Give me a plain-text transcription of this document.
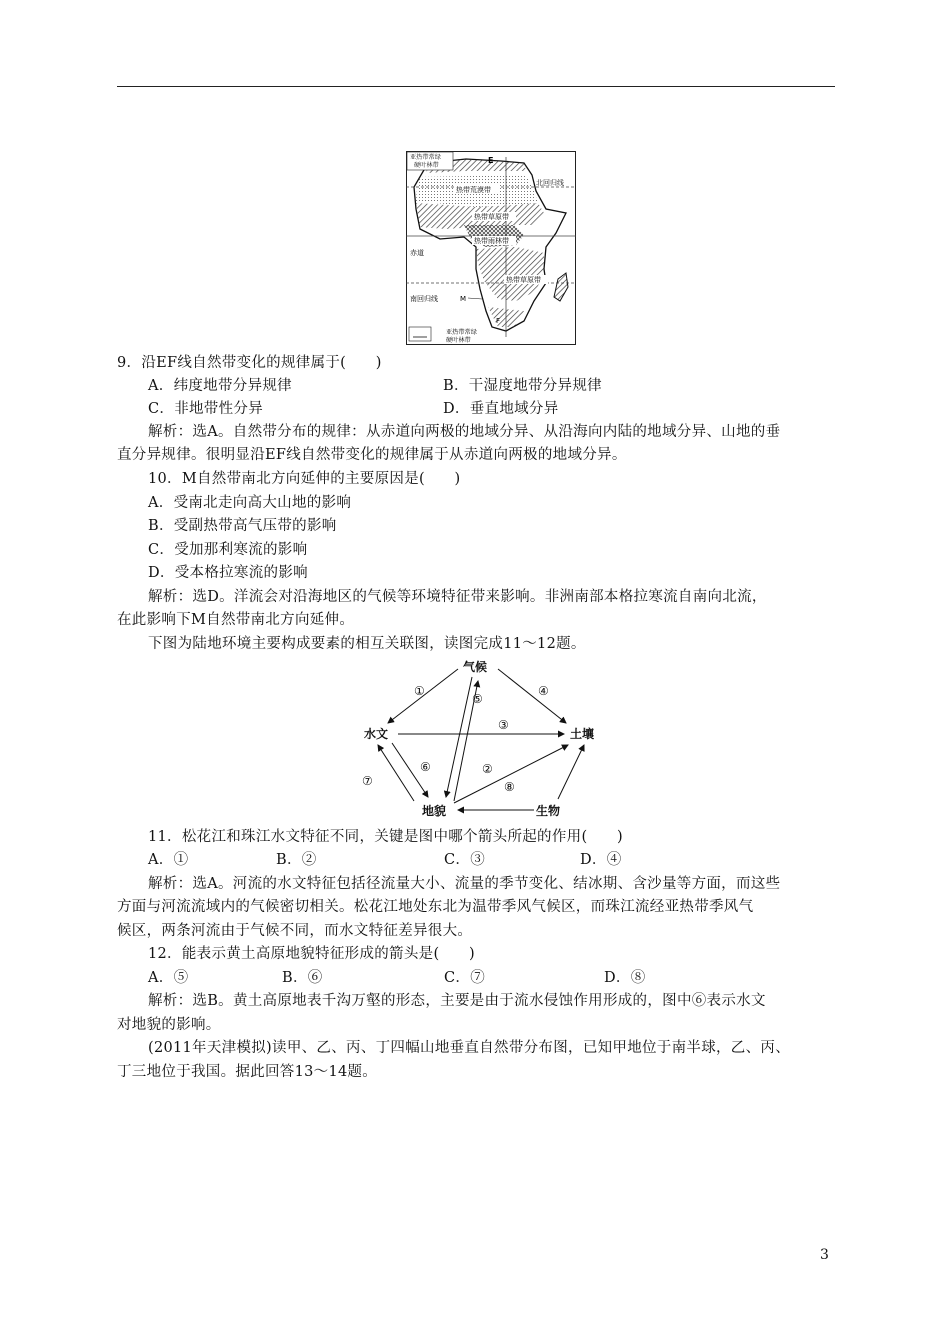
亚热带常绿
硬叶林带
E
北回归线
热带荒漠带
热带草原带
热带雨林带
赤道
热带草原带
南回归线	M
F
亚热带常绿
硬叶林带
9．沿EF线自然带变化的规律属于(　　)
A．纬度地带分异规律	B．干湿度地带分异规律
C．非地带性分异	D．垂直地域分异
解析：选A。自然带分布的规律：从赤道向两极的地域分异、从沿海向内陆的地域分异、山地的垂
直分异规律。很明显沿EF线自然带变化的规律属于从赤道向两极的地域分异。
10．M自然带南北方向延伸的主要原因是(　　)
A．受南北走向高大山地的影响
B．受副热带高气压带的影响
C．受加那利寒流的影响
D．受本格拉寒流的影响
解析：选D。洋流会对沿海地区的气候等环境特征带来影响。非洲南部本格拉寒流自南向北流，
在此影响下M自然带南北方向延伸。
下图为陆地环境主要构成要素的相互关联图，读图完成11～12题。
气候
水文	土壤
地貌	生物
①
⑤
④
③
②
⑥
⑦	⑧
11．松花江和珠江水文特征不同，关键是图中哪个箭头所起的作用(　　)
A．①	B．②	C．③	D．④
解析：选A。河流的水文特征包括径流量大小、流量的季节变化、结冰期、含沙量等方面，而这些
方面与河流流域内的气候密切相关。松花江地处东北为温带季风气候区，而珠江流经亚热带季风气
候区，两条河流由于气候不同，而水文特征差异很大。
12．能表示黄土高原地貌特征形成的箭头是(　　)
A．⑤	B．⑥	C．⑦	D．⑧
解析：选B。黄土高原地表千沟万壑的形态，主要是由于流水侵蚀作用形成的，图中⑥表示水文
对地貌的影响。
(2011年天津模拟)读甲、乙、丙、丁四幅山地垂直自然带分布图，已知甲地位于南半球，乙、丙、
丁三地位于我国。据此回答13～14题。
3
